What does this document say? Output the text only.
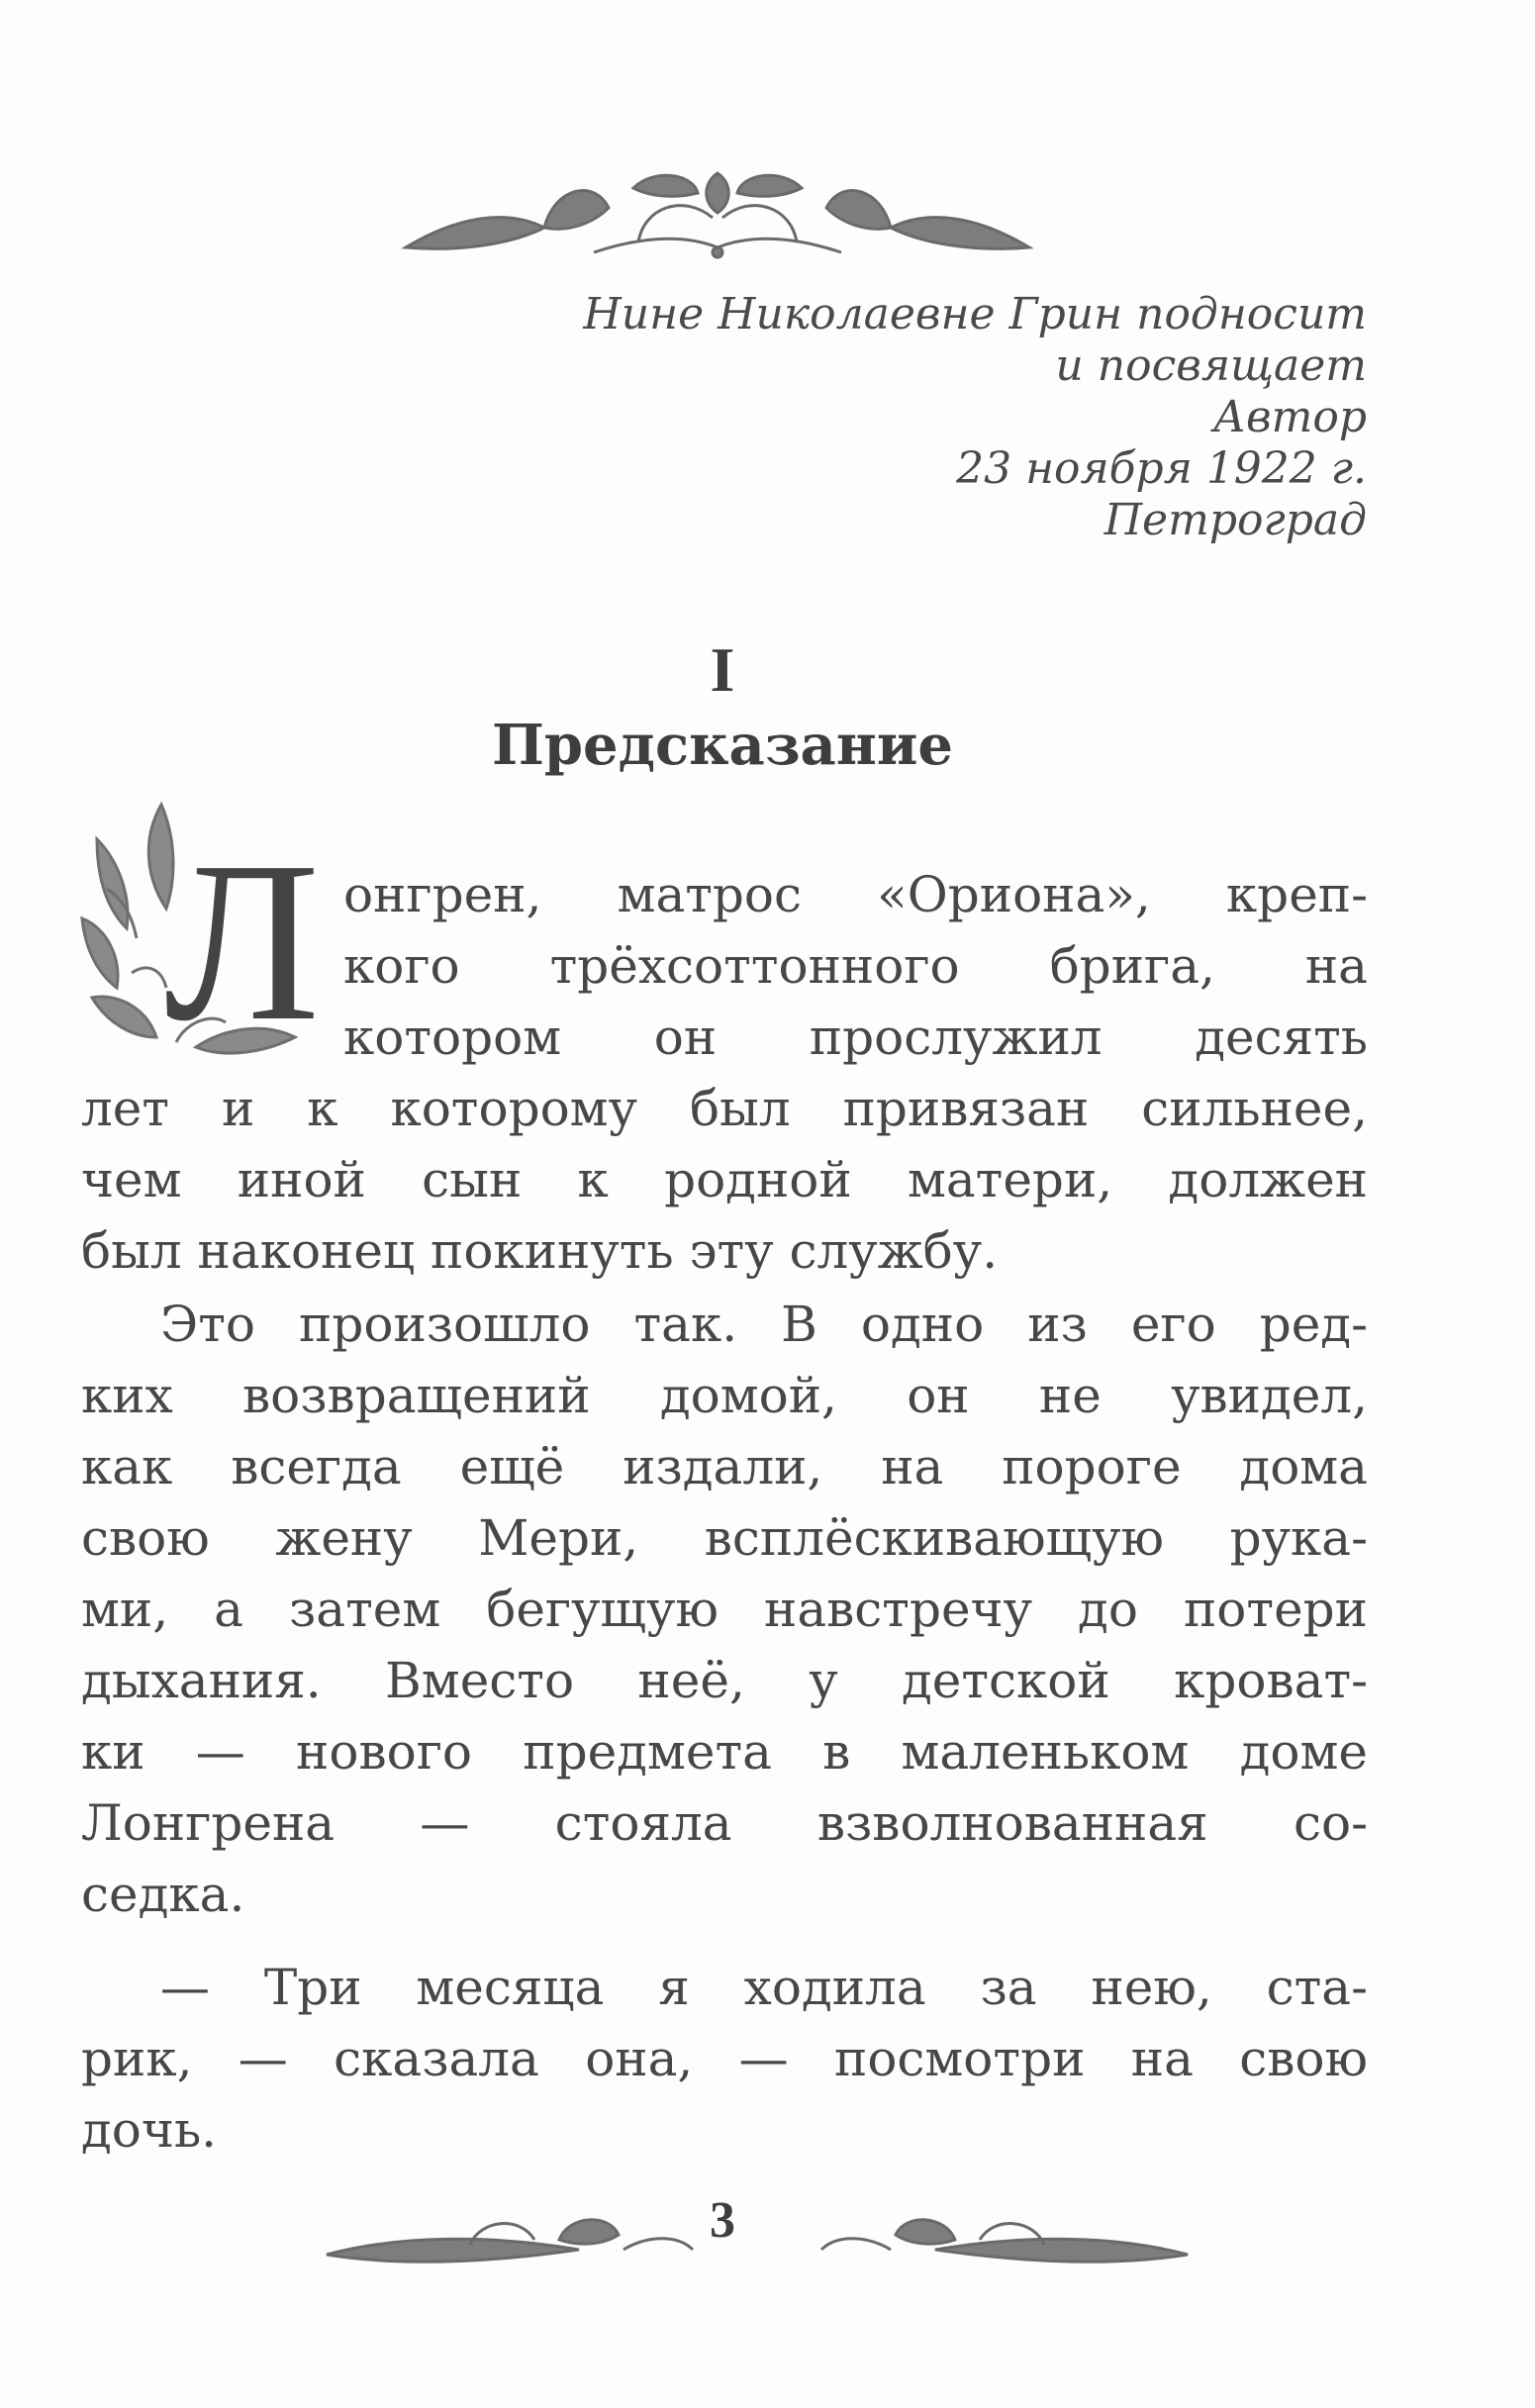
Нине Николаевне Грин подносит
и посвящает
Автор
23 ноября 1922 г.
Петроград
I
Предсказание
Л онгрен, матрос «Ориона», креп-
кого трёхсоттонного брига, на
котором он прослужил десять
лет и к которому был привязан сильнее,
чем иной сын к родной матери, должен
был наконец покинуть эту службу.
Это произошло так. В одно из его ред-
ких возвращений домой, он не увидел,
как всегда ещё издали, на пороге дома
свою жену Мери, всплёскивающую рука-
ми, а затем бегущую навстречу до потери
дыхания. Вместо неё, у детской кроват-
ки — нового предмета в маленьком доме
Лонгрена — стояла взволнованная со-
седка.
— Три месяца я ходила за нею, ста-
рик, — сказала она, — посмотри на свою
дочь.
3
